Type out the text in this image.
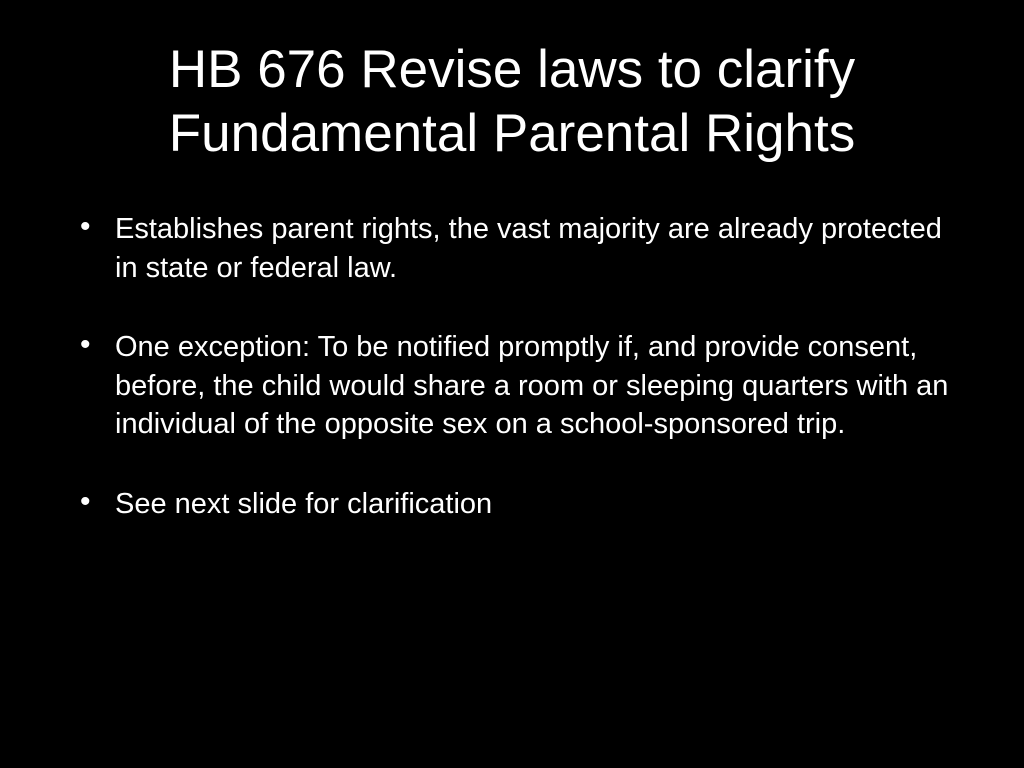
HB 676 Revise laws to clarify Fundamental Parental Rights
• Establishes parent rights, the vast majority are already protected in state or federal law.
• One exception: To be notified promptly if, and provide consent, before, the child would share a room or sleeping quarters with an individual of the opposite sex on a school-sponsored trip.
• See next slide for clarification
